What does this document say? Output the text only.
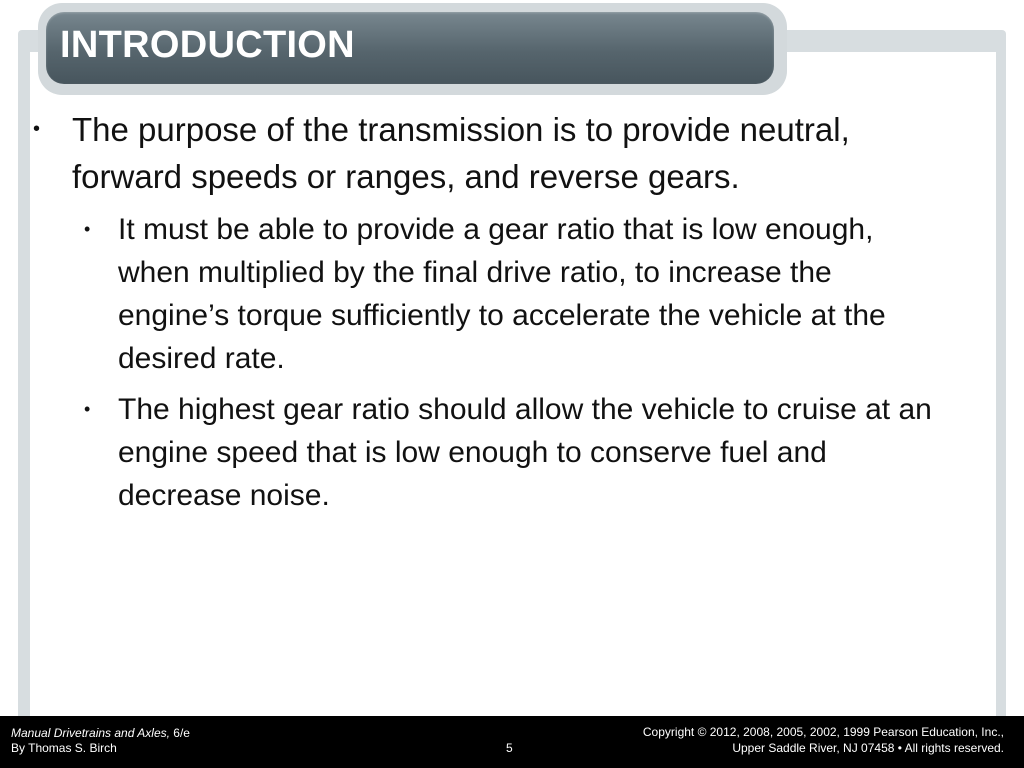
INTRODUCTION
• The purpose of the transmission is to provide neutral, forward speeds or ranges, and reverse gears.
• It must be able to provide a gear ratio that is low enough, when multiplied by the final drive ratio, to increase the engine’s torque sufficiently to accelerate the vehicle at the desired rate.
• The highest gear ratio should allow the vehicle to cruise at an engine speed that is low enough to conserve fuel and decrease noise.
Manual Drivetrains and Axles, 6/e
By Thomas S. Birch	5
Copyright © 2012, 2008, 2005, 2002, 1999 Pearson Education, Inc.,
Upper Saddle River, NJ 07458 • All rights reserved.
